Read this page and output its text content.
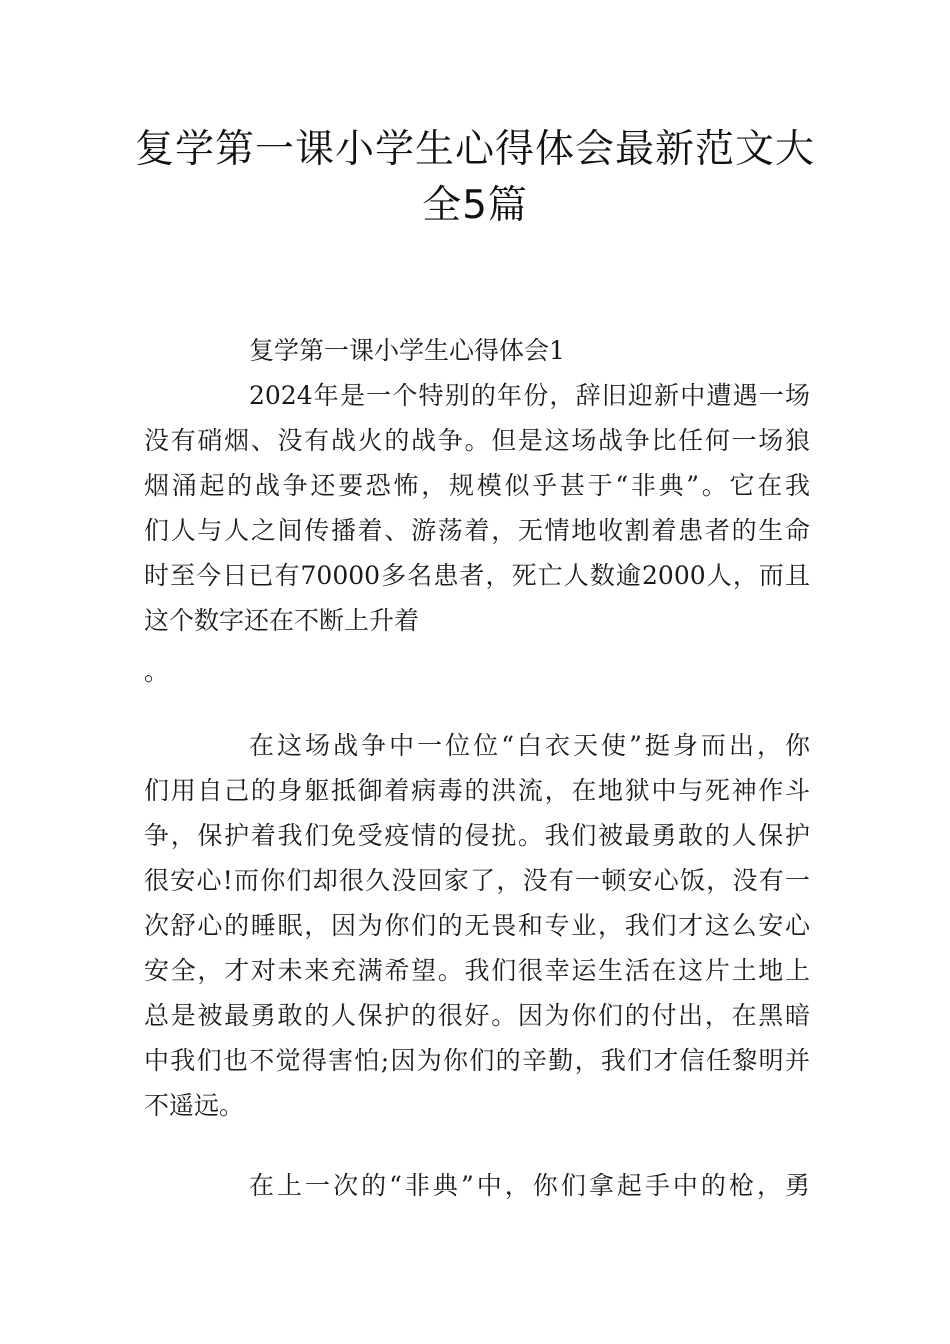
复学第一课小学生心得体会最新范文大
全5篇
复学第一课小学生心得体会1
2024年是一个特别的年份，辞旧迎新中遭遇一场
没有硝烟、没有战火的战争。但是这场战争比任何一场狼
烟涌起的战争还要恐怖，规模似乎甚于“非典”。它在我
们人与人之间传播着、游荡着，无情地收割着患者的生命
时至今日已有70000多名患者，死亡人数逾2000人，而且
这个数字还在不断上升着
。
在这场战争中一位位“白衣天使”挺身而出，你
们用自己的身躯抵御着病毒的洪流，在地狱中与死神作斗
争，保护着我们免受疫情的侵扰。我们被最勇敢的人保护
很安心!而你们却很久没回家了，没有一顿安心饭，没有一
次舒心的睡眠，因为你们的无畏和专业，我们才这么安心
安全，才对未来充满希望。我们很幸运生活在这片土地上
总是被最勇敢的人保护的很好。因为你们的付出，在黑暗
中我们也不觉得害怕;因为你们的辛勤，我们才信任黎明并
不遥远。
在上一次的“非典”中，你们拿起手中的枪，勇
